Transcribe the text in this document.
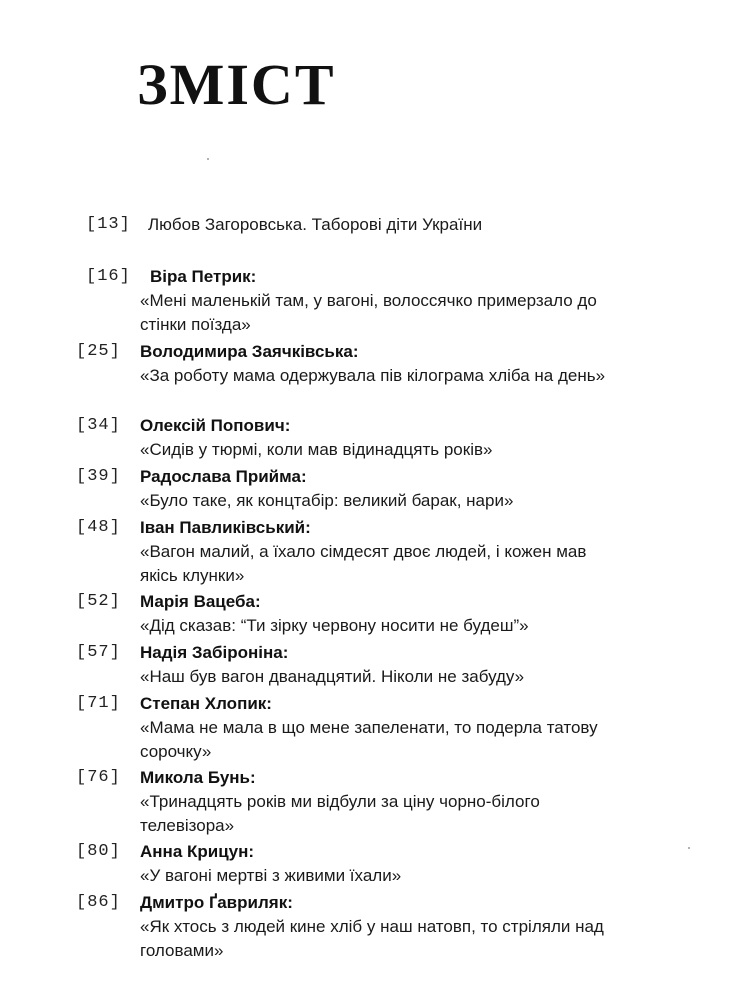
ЗМІСТ
[13] Любов Загоровська. Таборові діти України
[16] Віра Петрик:
«Мені маленькій там, у вагоні, волоссячко примерзало до стінки поїзда»
[25] Володимира Заячківська:
«За роботу мама одержувала пів кілограма хліба на день»
[34] Олексій Попович:
«Сидів у тюрмі, коли мав відинадцять років»
[39] Радослава Прийма:
«Було таке, як концтабір: великий барак, нари»
[48] Іван Павликівський:
«Вагон малий, а їхало сімдесят двоє людей, і кожен мав якісь клунки»
[52] Марія Вацеба:
«Дід сказав: “Ти зірку червону носити не будеш”»
[57] Надія Забіроніна:
«Наш був вагон дванадцятий. Ніколи не забуду»
[71] Степан Хлопик:
«Мама не мала в що мене запеленати, то подерла татову сорочку»
[76] Микола Бунь:
«Тринадцять років ми відбули за ціну чорно-білого телевізора»
[80] Анна Крицун:
«У вагоні мертві з живими їхали»
[86] Дмитро Ґавриляк:
«Як хтось з людей кине хліб у наш натовп, то стріляли над головами»
